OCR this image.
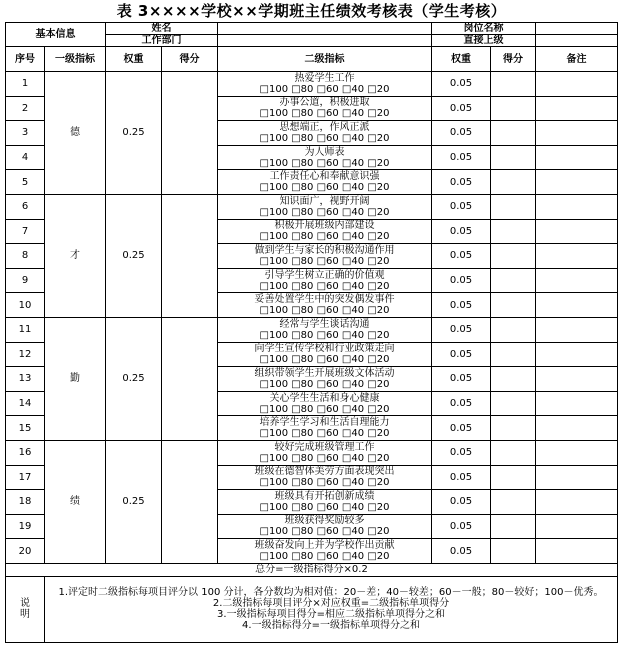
表 3××××学校××学期班主任绩效考核表（学生考核）
基本信息		姓名			岗位名称		
		工作部门			直接上级		
序号	一级指标	权重	得分	二级指标	权重	得分	备注
1	德	0.25		热爱学生工作
□100 □80 □60 □40 □20	0.05		
2				办事公道，积极进取
□100 □80 □60 □40 □20	0.05		
3				思想端正，作风正派
□100 □80 □60 □40 □20	0.05		
4				为人师表
□100 □80 □60 □40 □20	0.05		
5				工作责任心和奉献意识强
□100 □80 □60 □40 □20	0.05		
6	才	0.25		知识面广，视野开阔
□100 □80 □60 □40 □20	0.05		
7				积极开展班级内部建设
□100 □80 □60 □40 □20	0.05		
8				做到学生与家长的积极沟通作用
□100 □80 □60 □40 □20	0.05		
9				引导学生树立正确的价值观
□100 □80 □60 □40 □20	0.05		
10				妥善处置学生中的突发偶发事件
□100 □80 □60 □40 □20	0.05		
11	勤	0.25		经常与学生谈话沟通
□100 □80 □60 □40 □20	0.05		
12				向学生宣传学校和行业政策走向
□100 □80 □60 □40 □20	0.05		
13				组织带领学生开展班级文体活动
□100 □80 □60 □40 □20	0.05		
14				关心学生生活和身心健康
□100 □80 □60 □40 □20	0.05		
15				培养学生学习和生活自理能力
□100 □80 □60 □40 □20	0.05		
16	绩	0.25		较好完成班级管理工作
□100 □80 □60 □40 □20	0.05		
17				班级在德智体美劳方面表现突出
□100 □80 □60 □40 □20	0.05		
18				班级具有开拓创新成绩
□100 □80 □60 □40 □20	0.05		
19				班级获得奖励较多
□100 □80 □60 □40 □20	0.05		
20				班级奋发向上并为学校作出贡献
□100 □80 □60 □40 □20	0.05		
总分=一级指标得分×0.2							
说明	1.评定时二级指标每项目评分以 100 分计，各分数均为相对值：20－差；40－较差；60－一般；80－较好；100－优秀。
2.二级指标每项目评分×对应权重=二级指标单项得分
3.一级指标每项目得分=相应二级指标单项得分之和
4.一级指标得分=一级指标单项得分之和						
